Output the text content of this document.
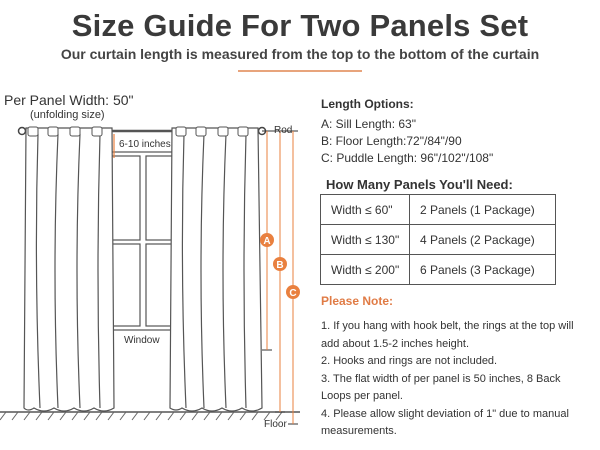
Size Guide For Two Panels Set
Our curtain length is measured from the top to the bottom of the curtain
A
B
C
Per Panel Width: 50"
(unfolding size)
6-10 inches
Rod
Window
Floor
Length Options:
A: Sill Length: 63"
B: Floor Length:72"/84"/90
C: Puddle Length: 96"/102"/108"
How Many Panels You'll Need:
Width ≤ 60"	2 Panels (1 Package)
Width ≤ 130"	4 Panels (2 Package)
Width ≤ 200"	6 Panels (3 Package)
Please Note:

1. If you hang with hook belt, the rings at the top will add about 1.5-2 inches height.

2. Hooks and rings are not included.

3. The flat width of per panel is 50 inches, 8 Back Loops per panel.

4. Please allow slight deviation of 1" due to manual measurements.
